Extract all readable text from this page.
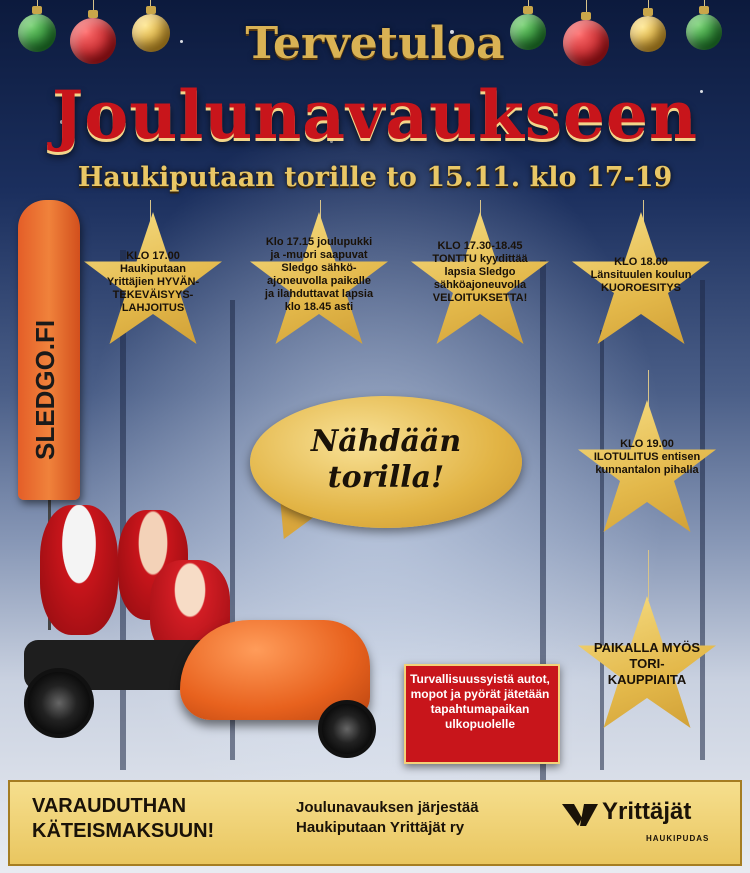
Tervetuloa
Joulunavaukseen
Haukiputaan torille to 15.11. klo 17-19
KLO 17.00 Haukiputaan Yrittäjien HYVÄN-TEKEVÄISYYS-LAHJOITUS
Klo 17.15 joulupukki ja -muori saapuvat Sledgo sähkö-ajoneuvolla paikalle ja ilahduttavat lapsia klo 18.45 asti
KLO 17.30-18.45 TONTTU kyydittää lapsia Sledgo sähköajoneuvolla VELOITUKSETTA!
KLO 18.00 Länsituulen koulun KUOROESITYS
KLO 19.00 ILOTULITUS entisen kunnantalon pihalla
PAIKALLA MYÖS TORI-KAUPPIAITA
SLEDGO.FI	Nähdään torilla!
Turvallisuussyistä autot, mopot ja pyörät jätetään tapahtumapaikan ulkopuolelle
VARAUDUTHAN KÄTEISMAKSUUN!
Joulunavauksen järjestää Haukiputaan Yrittäjät ry
Yrittäjät
HAUKIPUDAS
